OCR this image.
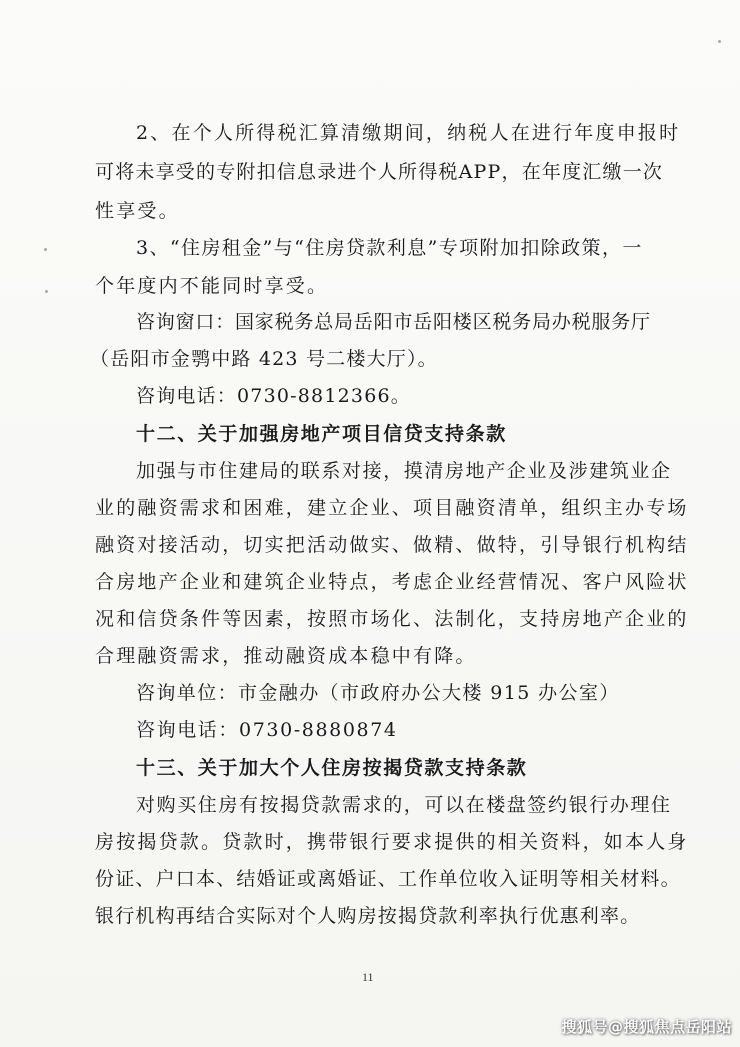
2、在个人所得税汇算清缴期间，纳税人在进行年度申报时
可将未享受的专附扣信息录进个人所得税APP，在年度汇缴一次
性享受。
3、“住房租金”与“住房贷款利息”专项附加扣除政策，一
个年度内不能同时享受。
咨询窗口：国家税务总局岳阳市岳阳楼区税务局办税服务厅
（岳阳市金鹗中路 423 号二楼大厅）。
咨询电话：0730-8812366。
十二、关于加强房地产项目信贷支持条款
加强与市住建局的联系对接，摸清房地产企业及涉建筑业企
业的融资需求和困难，建立企业、项目融资清单，组织主办专场
融资对接活动，切实把活动做实、做精、做特，引导银行机构结
合房地产企业和建筑企业特点，考虑企业经营情况、客户风险状
况和信贷条件等因素，按照市场化、法制化，支持房地产企业的
合理融资需求，推动融资成本稳中有降。
咨询单位：市金融办（市政府办公大楼 915 办公室）
咨询电话：0730-8880874
十三、关于加大个人住房按揭贷款支持条款
对购买住房有按揭贷款需求的，可以在楼盘签约银行办理住
房按揭贷款。贷款时，携带银行要求提供的相关资料，如本人身
份证、户口本、结婚证或离婚证、工作单位收入证明等相关材料。
银行机构再结合实际对个人购房按揭贷款利率执行优惠利率。
11
搜狐号@搜狐焦点岳阳站
